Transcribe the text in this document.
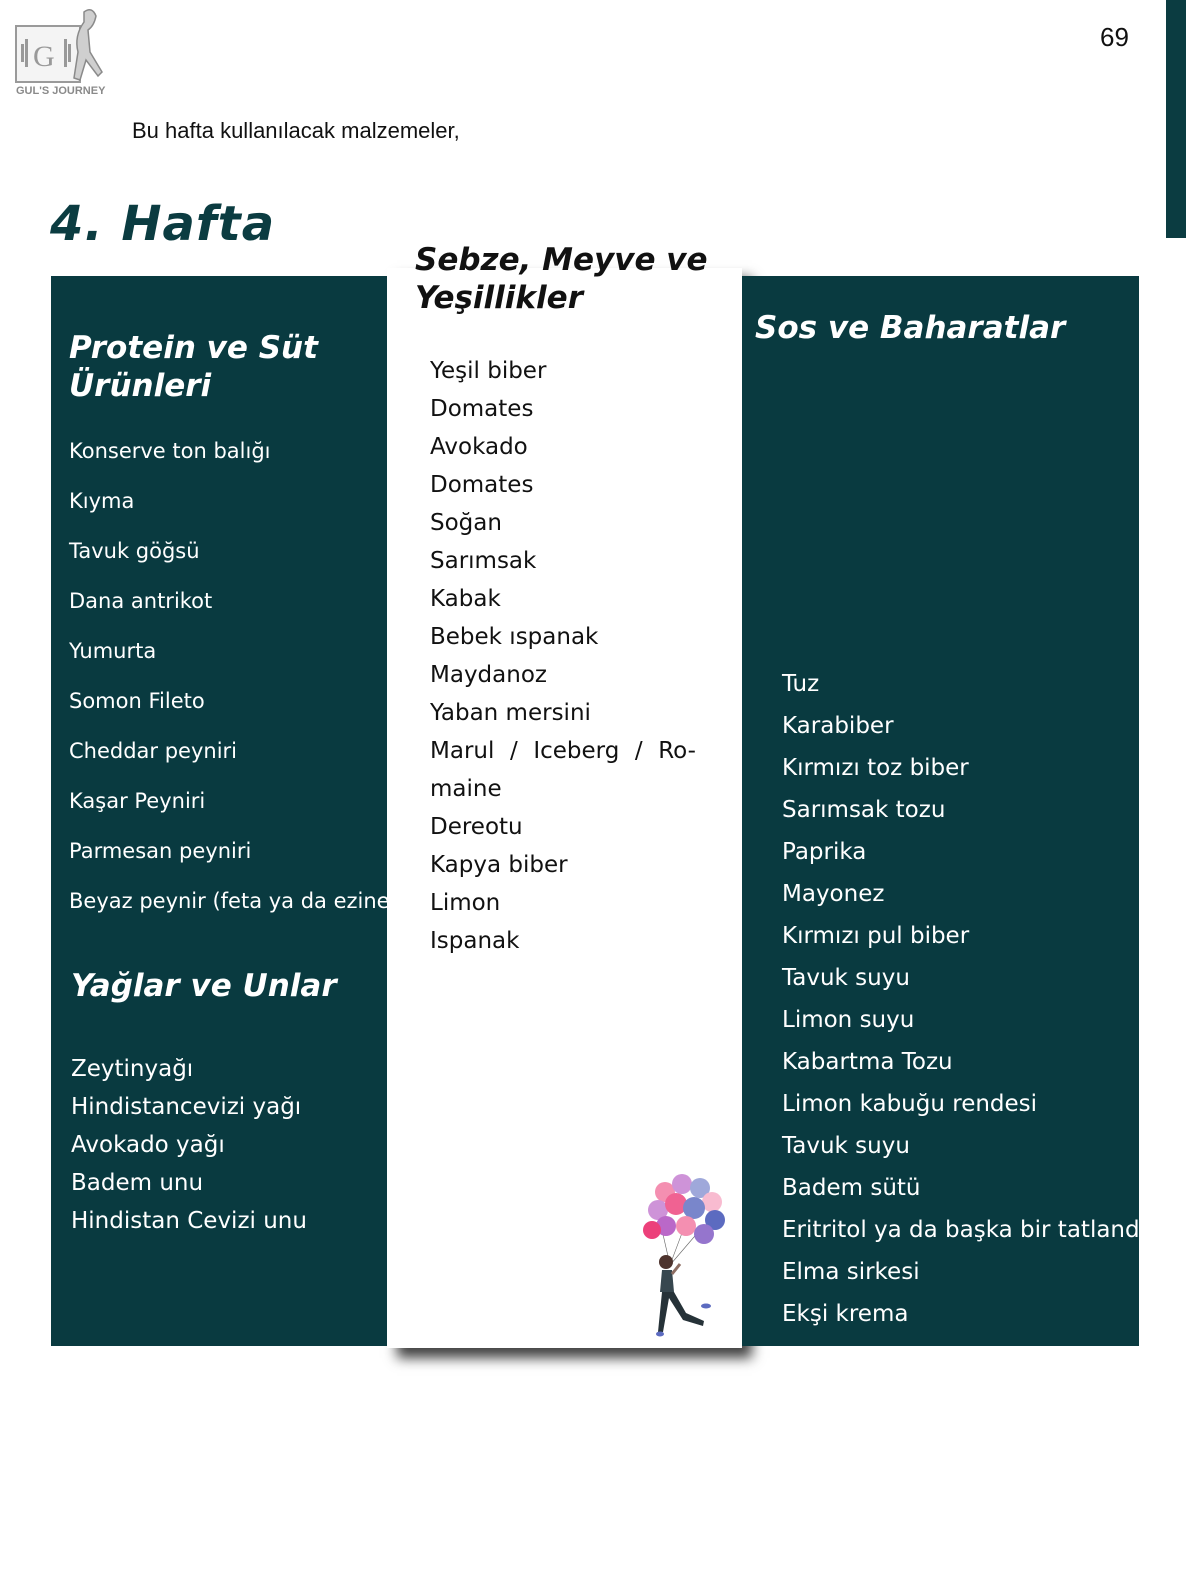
G
GUL'S JOURNEY
69
Bu hafta kullanılacak malzemeler,
4. Hafta
Sos ve Baharatlar
Tuz
Karabiber
Kırmızı toz biber
Sarımsak tozu
Paprika
Mayonez
Kırmızı pul biber
Tavuk suyu
Limon suyu
Kabartma Tozu
Limon kabuğu rendesi
Tavuk suyu
Badem sütü
Eritritol ya da başka bir tatlandırıcı
Elma sirkesi
Ekşi krema
Krema
Vanilya özütü
Kimyon
Domates salçası
Ranch sos
Jalapeno Ranch sos
Protein ve Süt
Ürünleri
Konserve ton balığı
Kıyma
Tavuk göğsü
Dana antrikot
Yumurta
Somon Fileto
Cheddar peyniri
Kaşar Peyniri
Parmesan peyniri
Beyaz peynir (feta ya da ezine)
Yağlar ve Unlar
Zeytinyağı
Hindistancevizi yağı
Avokado yağı
Badem unu
Hindistan Cevizi unu
Sebze, Meyve ve
Yeşillikler
Yeşil biber
Domates
Avokado
Domates
Soğan
Sarımsak
Kabak
Bebek ıspanak
Maydanoz
Yaban mersini
Marul / Iceberg / Ro-
maine
Dereotu
Kapya biber
Limon
Ispanak
